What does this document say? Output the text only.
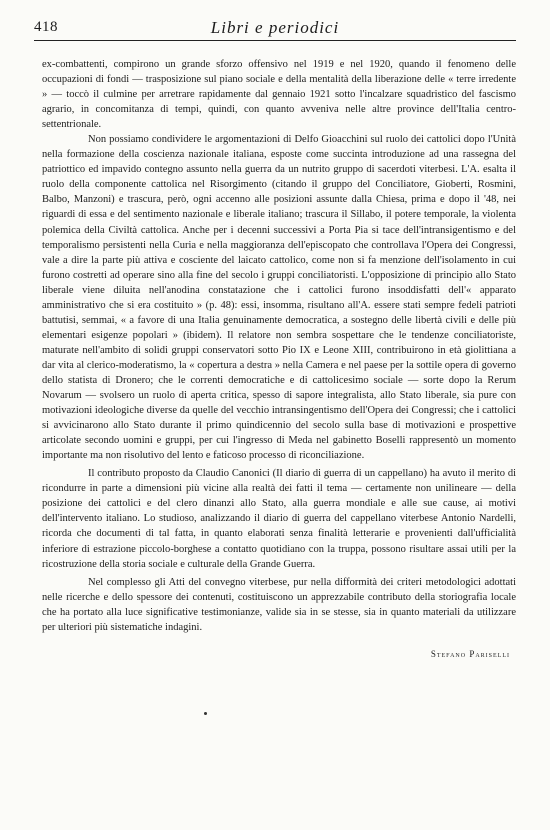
418	Libri e periodici

ex-combattenti, compirono un grande sforzo offensivo nel 1919 e nel 1920, quando il fenomeno delle occupazioni di fondi — trasposizione sul piano sociale e della mentalità della liberazione delle « terre irredente » — toccò il culmine per arretrare rapidamente dal gennaio 1921 sotto l'incalzare squadristico del fascismo agrario, in concomitanza di tempi, quindi, con quanto avveniva nelle altre province dell'Italia centro-settentrionale.

Non possiamo condividere le argomentazioni di Delfo Gioacchini sul ruolo dei cattolici dopo l'Unità nella formazione della coscienza nazionale italiana, esposte come succinta introduzione ad una rassegna del patriottico ed impavido contegno assunto nella guerra da un nutrito gruppo di sacerdoti viterbesi. L'A. esalta il ruolo della componente cattolica nel Risorgimento (citando il gruppo del Conciliatore, Gioberti, Rosmini, Balbo, Manzoni) e trascura, però, ogni accenno alle posizioni assunte dalla Chiesa, prima e dopo il '48, nei riguardi di essa e del sentimento nazionale e liberale italiano; trascura il Sillabo, il potere temporale, la violenta polemica della Civiltà cattolica. Anche per i decenni successivi a Porta Pia si tace dell'intransigentismo e del temporalismo persistenti nella Curia e nella maggioranza dell'episcopato che controllava l'Opera dei Congressi, vale a dire la parte più attiva e cosciente del laicato cattolico, come non si fa menzione dell'isolamento in cui furono costretti ad operare sino alla fine del secolo i gruppi conciliatoristi. L'opposizione di principio allo Stato liberale viene diluita nell'anodina constatazione che i cattolici furono insoddisfatti dell'« apparato amministrativo che si era costituito » (p. 48): essi, insomma, risultano all'A. essere stati sempre fedeli patrioti battutisi, semmai, « a favore di una Italia genuinamente democratica, a sostegno delle libertà civili e delle più elementari esigenze popolari » (ibidem). Il relatore non sembra sospettare che le tendenze conciliatoriste, maturate nell'ambito di solidi gruppi conservatori sotto Pio IX e Leone XIII, contribuirono in età giolittiana a dar vita al clerico-moderatismo, la « copertura a destra » nella Camera e nel paese per la sottile opera di governo dello statista di Dronero; che le correnti democratiche e di cattolicesimo sociale — sorte dopo la Rerum Novarum — svolsero un ruolo di aperta critica, spesso di sapore integralista, allo Stato liberale, sia pure con motivazioni ideologiche diverse da quelle del vecchio intransingentismo dell'Opera dei Congressi; che i cattolici si avvicinarono allo Stato durante il primo quindicennio del secolo sulla base di motivazioni e prospettive articolate secondo uomini e gruppi, per cui l'ingresso di Meda nel gabinetto Boselli rappresentò un momento importante ma non risolutivo del lento e faticoso processo di riconciliazione.

Il contributo proposto da Claudio Canonici (Il diario di guerra di un cappellano) ha avuto il merito di ricondurre in parte a dimensioni più vicine alla realtà dei fatti il tema — certamente non unilineare — della posizione dei cattolici e del clero dinanzi allo Stato, alla guerra mondiale e alle sue cause, ai motivi dell'intervento italiano. Lo studioso, analizzando il diario di guerra del cappellano viterbese Antonio Nardelli, ricorda che documenti di tal fatta, in quanto elaborati senza finalità letterarie e provenienti dall'ufficialità inferiore di estrazione piccolo-borghese a contatto quotidiano con la truppa, possono risultare assai utili per la ricostruzione della storia sociale e culturale della Grande Guerra.

Nel complesso gli Atti del convegno viterbese, pur nella difformità dei criteri metodologici adottati nelle ricerche e dello spessore dei contenuti, costituiscono un apprezzabile contributo della storiografia locale che ha portato alla luce significative testimonianze, valide sia in se stesse, sia in quanto materiali da utilizzare per ulteriori più sistematiche indagini.

Stefano Pariselli
